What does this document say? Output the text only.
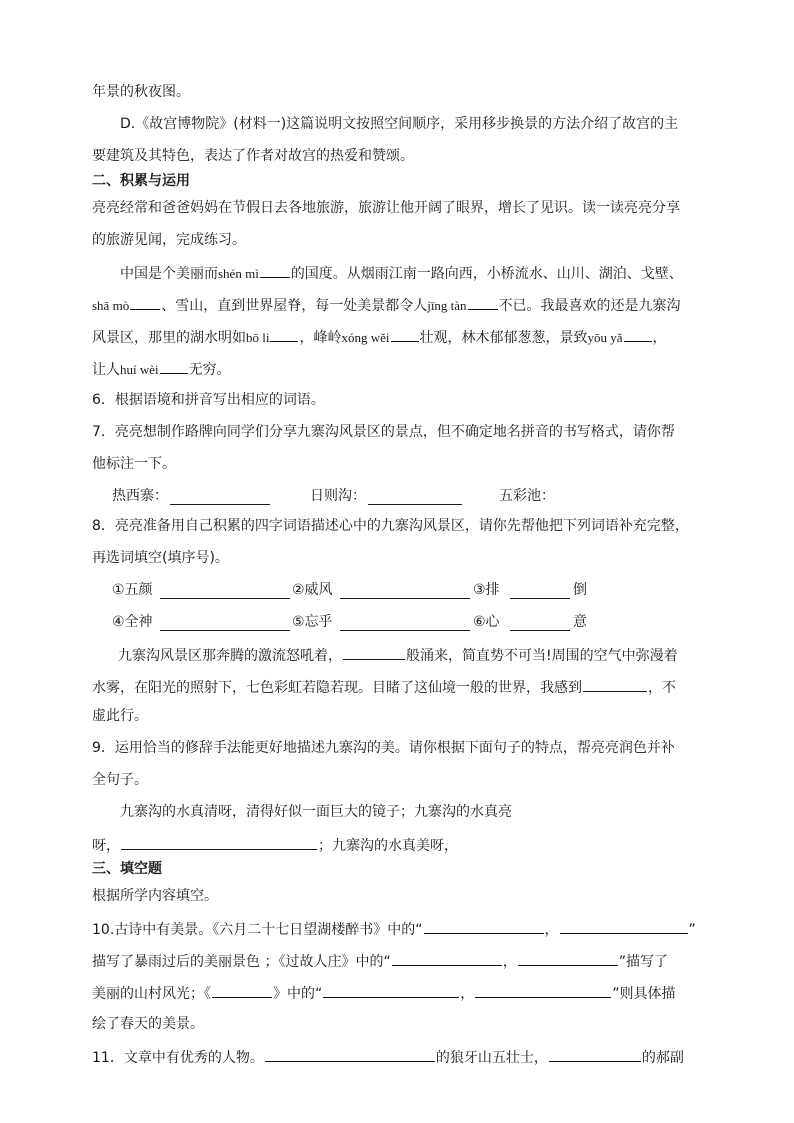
年景的秋夜图。
D.《故宫博物院》(材料一)这篇说明文按照空间顺序，采用移步换景的方法介绍了故宫的主
要建筑及其特色，表达了作者对故宫的热爱和赞颂。
二、积累与运用
亮亮经常和爸爸妈妈在节假日去各地旅游，旅游让他开阔了眼界，增长了见识。读一读亮亮分享
的旅游见闻，完成练习。
中国是个美丽而shén mì 的国度。从烟雨江南一路向西，小桥流水、山川、湖泊、戈壁、
shā mò 、雪山，直到世界屋脊，每一处美景都令人jīng tàn 不已。我最喜欢的还是九寨沟
风景区，那里的湖水明如bō li ，峰岭xóng wěi 壮观，林木郁郁葱葱，景致yōu yǎ ，
让人huí wèi 无穷。
6．根据语境和拼音写出相应的词语。
7．亮亮想制作路牌向同学们分享九寨沟风景区的景点，但不确定地名拼音的书写格式，请你帮
他标注一下。
热西寨：	日则沟：	五彩池：
8．亮亮准备用自己积累的四字词语描述心中的九寨沟风景区，请你先帮他把下列词语补充完整，
再选词填空(填序号)。
①五颜	②威风	③排	倒
④全神	⑤忘乎	⑥心	意
九寨沟风景区那奔腾的激流怒吼着，	般涌来，简直势不可当!周围的空气中弥漫着
水雾，在阳光的照射下，七色彩虹若隐若现。目睹了这仙境一般的世界，我感到	，不
虚此行。
9．运用恰当的修辞手法能更好地描述九寨沟的美。请你根据下面句子的特点，帮亮亮润色并补
全句子。
九寨沟的水真清呀，清得好似一面巨大的镜子；九寨沟的水真亮
呀，	；九寨沟的水真美呀，
三、填空题
根据所学内容填空。
10.古诗中有美景。《六月二十七日望湖楼醉书》中的“	，	”
描写了暴雨过后的美丽景色 ；《过故人庄》中的“	，	”描写了
美丽的山村风光；《	》中的“	，	”则具体描
绘了春天的美景。
11．文章中有优秀的人物。	的狼牙山五壮士，	的郝副
